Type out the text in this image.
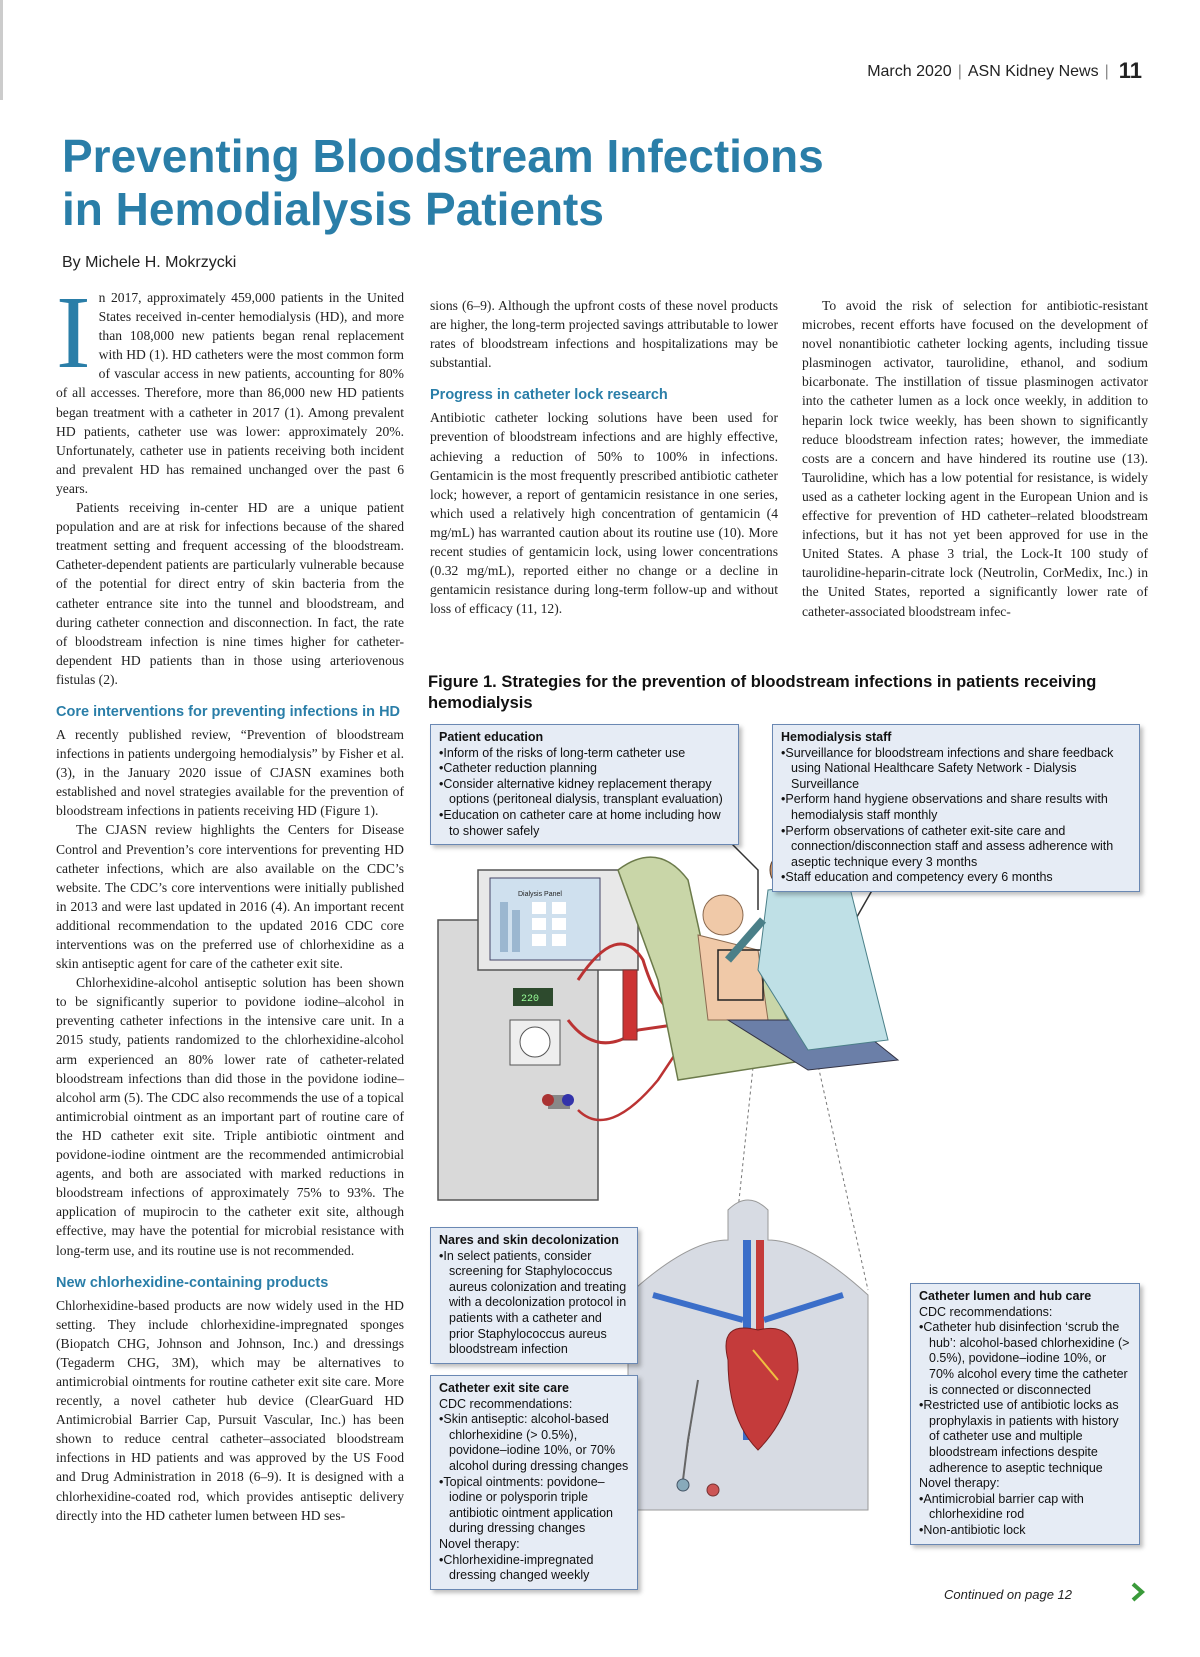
March 2020 | ASN Kidney News | 11
Preventing Bloodstream Infections
in Hemodialysis Patients
By Michele H. Mokrzycki
I n 2017, approximately 459,000 patients in the United States received in-center hemodialysis (HD), and more than 108,000 new patients began renal replacement with HD (1). HD catheters were the most common form of vascular access in new patients, accounting for 80% of all accesses. Therefore, more than 86,000 new HD patients began treatment with a catheter in 2017 (1). Among prevalent HD patients, catheter use was lower: approximately 20%. Unfortunately, catheter use in patients receiving both incident and prevalent HD has remained unchanged over the past 6 years.

Patients receiving in-center HD are a unique patient population and are at risk for infections because of the shared treatment setting and frequent accessing of the bloodstream. Catheter-dependent patients are particularly vulnerable because of the potential for direct entry of skin bacteria from the catheter entrance site into the tunnel and bloodstream, and during catheter connection and disconnection. In fact, the rate of bloodstream infection is nine times higher for catheter-dependent HD patients than in those using arteriovenous fistulas (2).

Core interventions for preventing infections in HD

A recently published review, “Prevention of bloodstream infections in patients undergoing hemodialysis” by Fisher et al. (3), in the January 2020 issue of CJASN examines both established and novel strategies available for the prevention of bloodstream infections in patients receiving HD (Figure 1).

The CJASN review highlights the Centers for Disease Control and Prevention’s core interventions for preventing HD catheter infections, which are also available on the CDC’s website. The CDC’s core interventions were initially published in 2013 and were last updated in 2016 (4). An important recent additional recommendation to the updated 2016 CDC core interventions was on the preferred use of chlorhexidine as a skin antiseptic agent for care of the catheter exit site.

Chlorhexidine-alcohol antiseptic solution has been shown to be significantly superior to povidone iodine–alcohol in preventing catheter infections in the intensive care unit. In a 2015 study, patients randomized to the chlorhexidine-alcohol arm experienced an 80% lower rate of catheter-related bloodstream infections than did those in the povidone iodine–alcohol arm (5). The CDC also recommends the use of a topical antimicrobial ointment as an important part of routine care of the HD catheter exit site. Triple antibiotic ointment and povidone-iodine ointment are the recommended antimicrobial agents, and both are associated with marked reductions in bloodstream infections of approximately 75% to 93%. The application of mupirocin to the catheter exit site, although effective, may have the potential for microbial resistance with long-term use, and its routine use is not recommended.

New chlorhexidine-containing products

Chlorhexidine-based products are now widely used in the HD setting. They include chlorhexidine-impregnated sponges (Biopatch CHG, Johnson and Johnson, Inc.) and dressings (Tegaderm CHG, 3M), which may be alternatives to antimicrobial ointments for routine catheter exit site care. More recently, a novel catheter hub device (ClearGuard HD Antimicrobial Barrier Cap, Pursuit Vascular, Inc.) has been shown to reduce central catheter–associated bloodstream infections in HD patients and was approved by the US Food and Drug Administration in 2018 (6–9). It is designed with a chlorhexidine-coated rod, which provides antiseptic delivery directly into the HD catheter lumen between HD ses-

sions (6–9). Although the upfront costs of these novel products are higher, the long-term projected savings attributable to lower rates of bloodstream infections and hospitalizations may be substantial.

Progress in catheter lock research

Antibiotic catheter locking solutions have been used for prevention of bloodstream infections and are highly effective, achieving a reduction of 50% to 100% in infections. Gentamicin is the most frequently prescribed antibiotic catheter lock; however, a report of gentamicin resistance in one series, which used a relatively high concentration of gentamicin (4 mg/mL) has warranted caution about its routine use (10). More recent studies of gentamicin lock, using lower concentrations (0.32 mg/mL), reported either no change or a decline in gentamicin resistance during long-term follow-up and without loss of efficacy (11, 12).

To avoid the risk of selection for antibiotic-resistant microbes, recent efforts have focused on the development of novel nonantibiotic catheter locking agents, including tissue plasminogen activator, taurolidine, ethanol, and sodium bicarbonate. The instillation of tissue plasminogen activator into the catheter lumen as a lock once weekly, in addition to heparin lock twice weekly, has been shown to significantly reduce bloodstream infection rates; however, the immediate costs are a concern and have hindered its routine use (13). Taurolidine, which has a low potential for resistance, is widely used as a catheter locking agent in the European Union and is effective for prevention of HD catheter–related bloodstream infections, but it has not yet been approved for use in the United States. A phase 3 trial, the Lock-It 100 study of taurolidine-heparin-citrate lock (Neutrolin, CorMedix, Inc.) in the United States, reported a significantly lower rate of catheter-associated bloodstream infec-

Figure 1. Strategies for the prevention of bloodstream infections in patients receiving hemodialysis
Dialysis Panel
220
Patient education
• Inform of the risks of long-term catheter use
• Catheter reduction planning
• Consider alternative kidney replacement therapy options (peritoneal dialysis, transplant evaluation)
• Education on catheter care at home including how to shower safely
Hemodialysis staff
• Surveillance for bloodstream infections and share feedback using National Healthcare Safety Network - Dialysis Surveillance
• Perform hand hygiene observations and share results with hemodialysis staff monthly
• Perform observations of catheter exit-site care and connection/disconnection staff and assess adherence with aseptic technique every 3 months
• Staff education and competency every 6 months
Nares and skin decolonization
• In select patients, consider screening for Staphylococcus aureus colonization and treating with a decolonization protocol in patients with a catheter and prior Staphylococcus aureus bloodstream infection
Catheter exit site care
CDC recommendations:
• Skin antiseptic: alcohol-based chlorhexidine (> 0.5%), povidone–iodine 10%, or 70% alcohol during dressing changes
• Topical ointments: povidone–iodine or polysporin triple antibiotic ointment application during dressing changes
Novel therapy:
• Chlorhexidine-impregnated dressing changed weekly
Catheter lumen and hub care
CDC recommendations:
• Catheter hub disinfection ‘scrub the hub’: alcohol-based chlorhexidine (> 0.5%), povidone–iodine 10%, or 70% alcohol every time the catheter is connected or disconnected
• Restricted use of antibiotic locks as prophylaxis in patients with history of catheter use and multiple bloodstream infections despite adherence to aseptic technique
Novel therapy:
• Antimicrobial barrier cap with chlorhexidine rod
• Non-antibiotic lock
Continued on page 12
